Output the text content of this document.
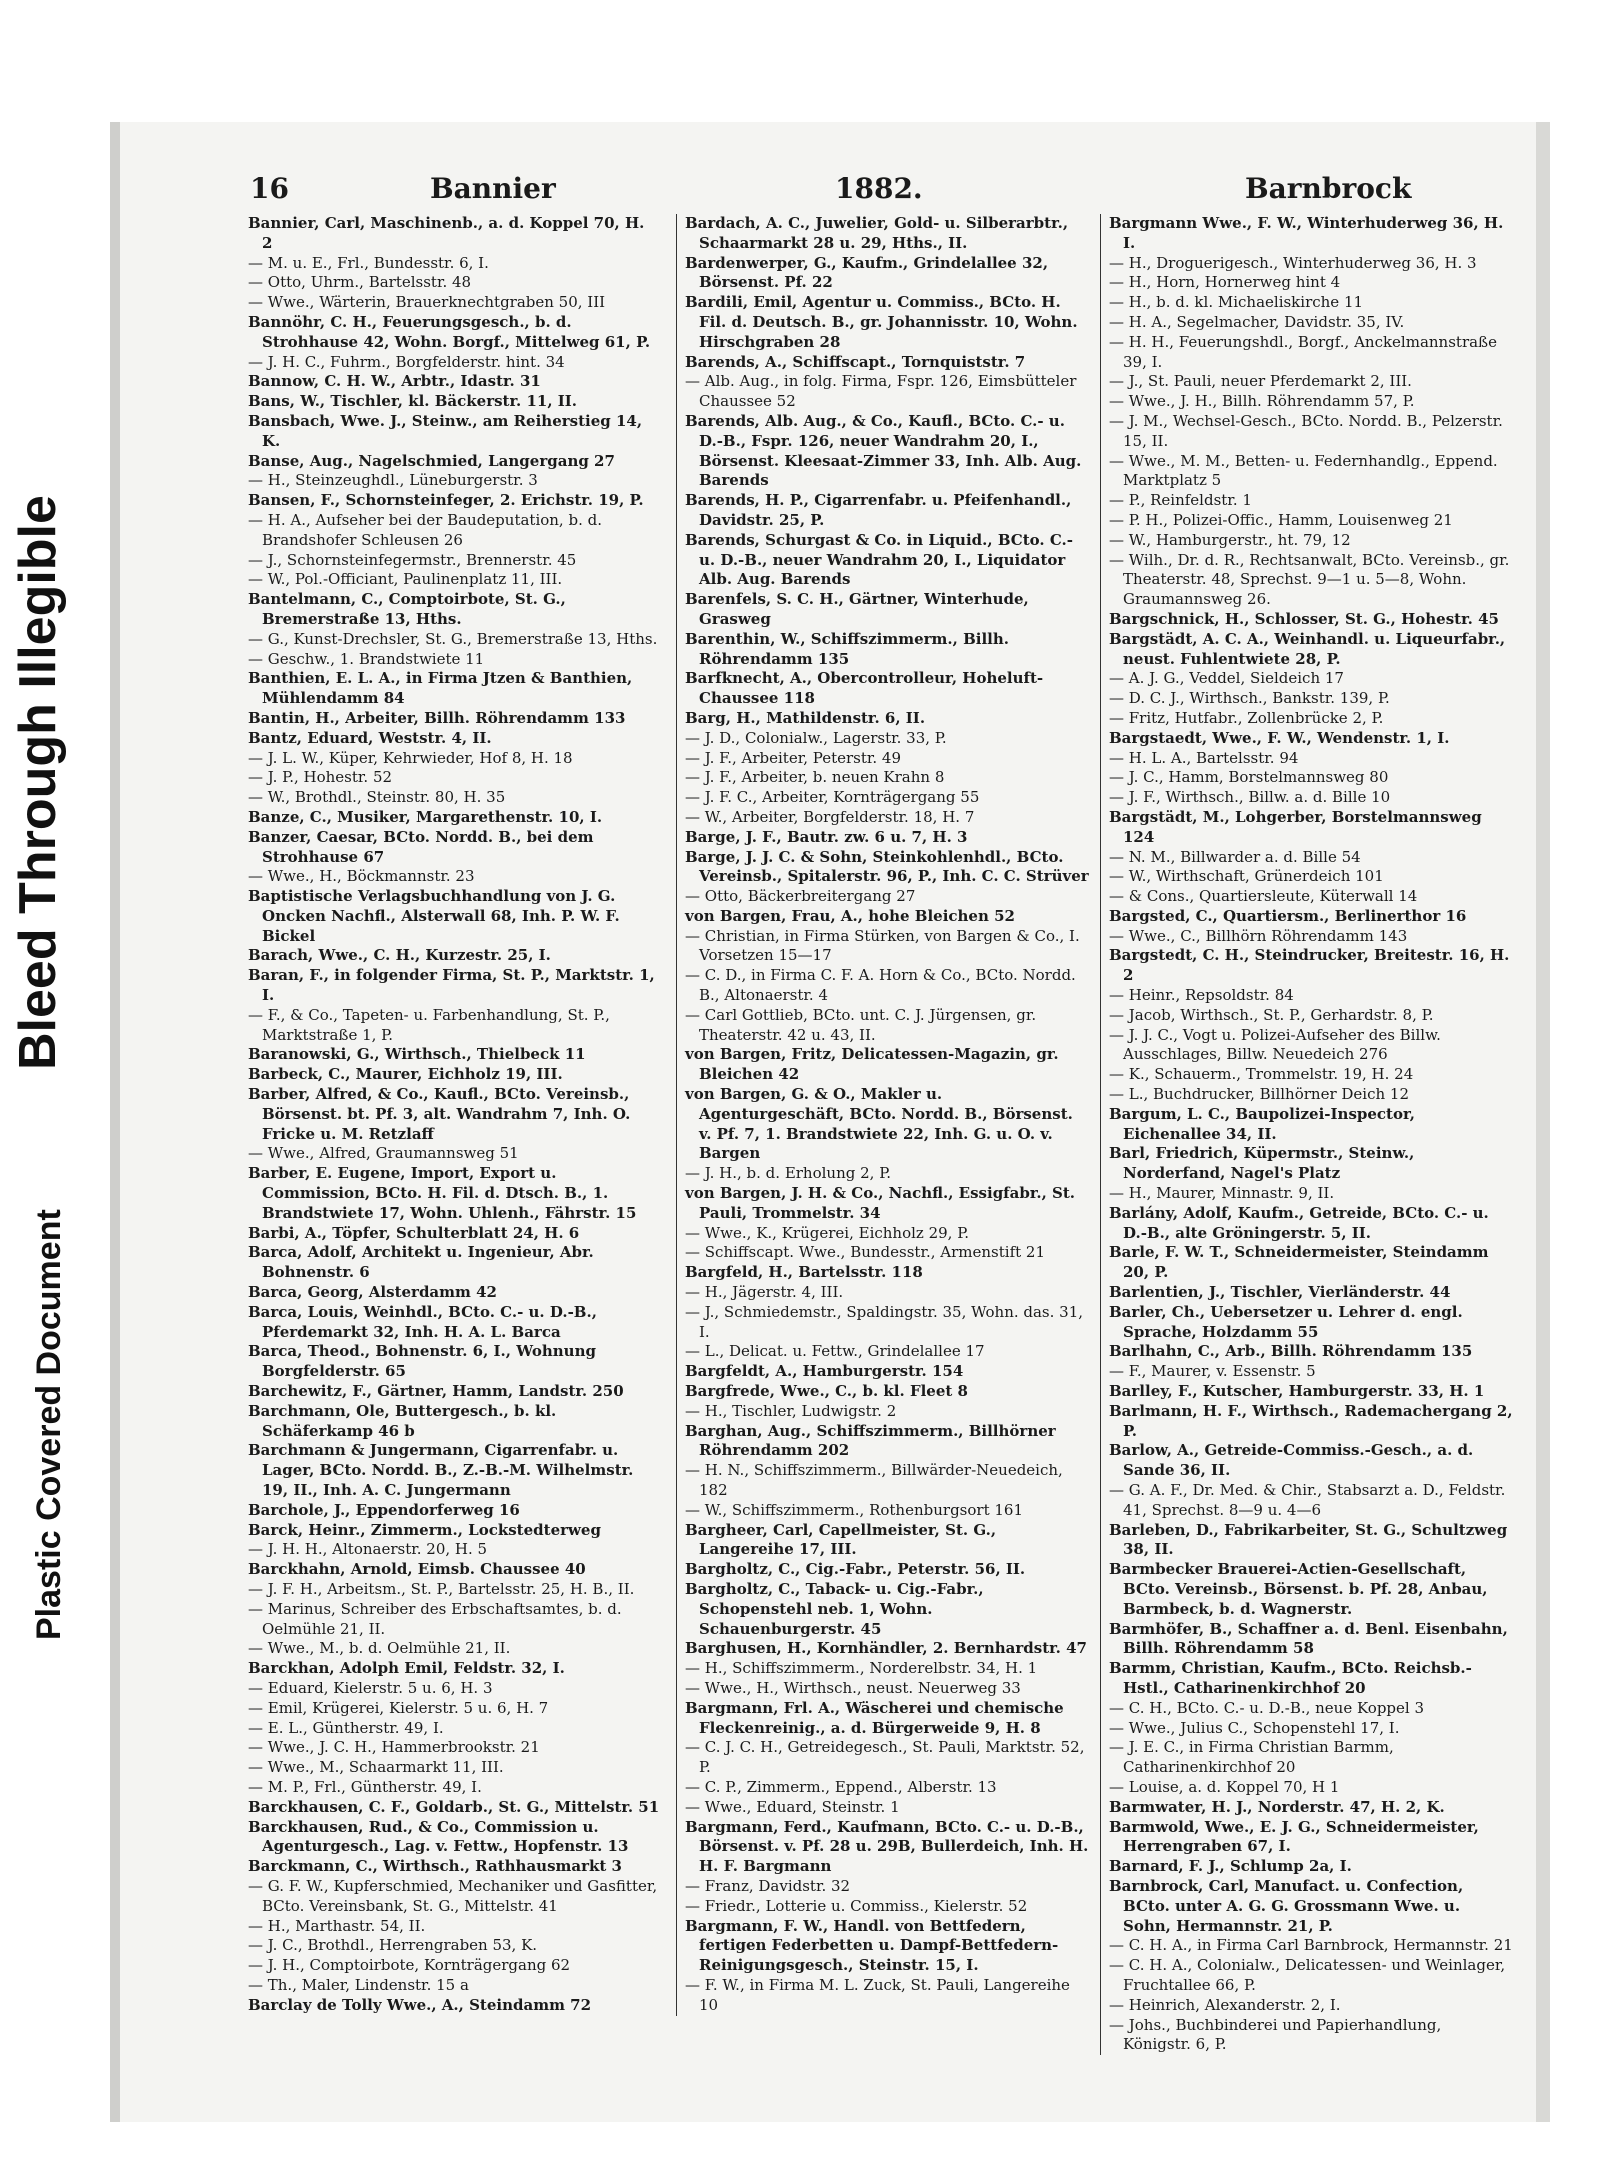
Bleed Through Illegible
Plastic Covered Document
16	Bannier	1882.	Barnbrock

Bannier, Carl, Maschinenb., a. d. Koppel 70, H. 2

— M. u. E., Frl., Bundesstr. 6, I.

— Otto, Uhrm., Bartelsstr. 48

— Wwe., Wärterin, Brauerknechtgraben 50, III

Bannöhr, C. H., Feuerungsgesch., b. d. Strohhause 42, Wohn. Borgf., Mittelweg 61, P.

— J. H. C., Fuhrm., Borgfelderstr. hint. 34

Bannow, C. H. W., Arbtr., Idastr. 31

Bans, W., Tischler, kl. Bäckerstr. 11, II.

Bansbach, Wwe. J., Steinw., am Reiherstieg 14, K.

Banse, Aug., Nagelschmied, Langergang 27

— H., Steinzeughdl., Lüneburgerstr. 3

Bansen, F., Schornsteinfeger, 2. Erichstr. 19, P.

— H. A., Aufseher bei der Baudeputation, b. d. Brandshofer Schleusen 26

— J., Schornsteinfegermstr., Brennerstr. 45

— W., Pol.-Officiant, Paulinenplatz 11, III.

Bantelmann, C., Comptoirbote, St. G., Bremerstraße 13, Hths.

— G., Kunst-Drechsler, St. G., Bremerstraße 13, Hths.

— Geschw., 1. Brandstwiete 11

Banthien, E. L. A., in Firma Jtzen & Banthien, Mühlendamm 84

Bantin, H., Arbeiter, Billh. Röhrendamm 133

Bantz, Eduard, Weststr. 4, II.

— J. L. W., Küper, Kehrwieder, Hof 8, H. 18

— J. P., Hohestr. 52

— W., Brothdl., Steinstr. 80, H. 35

Banze, C., Musiker, Margarethenstr. 10, I.

Banzer, Caesar, BCto. Nordd. B., bei dem Strohhause 67

— Wwe., H., Böckmannstr. 23

Baptistische Verlagsbuchhandlung von J. G. Oncken Nachfl., Alsterwall 68, Inh. P. W. F. Bickel

Barach, Wwe., C. H., Kurzestr. 25, I.

Baran, F., in folgender Firma, St. P., Marktstr. 1, I.

— F., & Co., Tapeten- u. Farbenhandlung, St. P., Marktstraße 1, P.

Baranowski, G., Wirthsch., Thielbeck 11

Barbeck, C., Maurer, Eichholz 19, III.

Barber, Alfred, & Co., Kaufl., BCto. Vereinsb., Börsenst. bt. Pf. 3, alt. Wandrahm 7, Inh. O. Fricke u. M. Retzlaff

— Wwe., Alfred, Graumannsweg 51

Barber, E. Eugene, Import, Export u. Commission, BCto. H. Fil. d. Dtsch. B., 1. Brandstwiete 17, Wohn. Uhlenh., Fährstr. 15

Barbi, A., Töpfer, Schulterblatt 24, H. 6

Barca, Adolf, Architekt u. Ingenieur, Abr. Bohnenstr. 6

Barca, Georg, Alsterdamm 42

Barca, Louis, Weinhdl., BCto. C.- u. D.-B., Pferdemarkt 32, Inh. H. A. L. Barca

Barca, Theod., Bohnenstr. 6, I., Wohnung Borgfelderstr. 65

Barchewitz, F., Gärtner, Hamm, Landstr. 250

Barchmann, Ole, Buttergesch., b. kl. Schäferkamp 46 b

Barchmann & Jungermann, Cigarrenfabr. u. Lager, BCto. Nordd. B., Z.-B.-M. Wilhelmstr. 19, II., Inh. A. C. Jungermann

Barchole, J., Eppendorferweg 16

Barck, Heinr., Zimmerm., Lockstedterweg

— J. H. H., Altonaerstr. 20, H. 5

Barckhahn, Arnold, Eimsb. Chaussee 40

— J. F. H., Arbeitsm., St. P., Bartelsstr. 25, H. B., II.

— Marinus, Schreiber des Erbschaftsamtes, b. d. Oelmühle 21, II.

— Wwe., M., b. d. Oelmühle 21, II.

Barckhan, Adolph Emil, Feldstr. 32, I.

— Eduard, Kielerstr. 5 u. 6, H. 3

— Emil, Krügerei, Kielerstr. 5 u. 6, H. 7

— E. L., Güntherstr. 49, I.

— Wwe., J. C. H., Hammerbrookstr. 21

— Wwe., M., Schaarmarkt 11, III.

— M. P., Frl., Güntherstr. 49, I.

Barckhausen, C. F., Goldarb., St. G., Mittelstr. 51

Barckhausen, Rud., & Co., Commission u. Agenturgesch., Lag. v. Fettw., Hopfenstr. 13

Barckmann, C., Wirthsch., Rathhausmarkt 3

— G. F. W., Kupferschmied, Mechaniker und Gasfitter, BCto. Vereinsbank, St. G., Mittelstr. 41

— H., Marthastr. 54, II.

— J. C., Brothdl., Herrengraben 53, K.

— J. H., Comptoirbote, Kornträgergang 62

— Th., Maler, Lindenstr. 15 a

Barclay de Tolly Wwe., A., Steindamm 72

Bardach, A. C., Juwelier, Gold- u. Silberarbtr., Schaarmarkt 28 u. 29, Hths., II.

Bardenwerper, G., Kaufm., Grindelallee 32, Börsenst. Pf. 22

Bardili, Emil, Agentur u. Commiss., BCto. H. Fil. d. Deutsch. B., gr. Johannisstr. 10, Wohn. Hirschgraben 28

Barends, A., Schiffscapt., Tornquiststr. 7

— Alb. Aug., in folg. Firma, Fspr. 126, Eimsbütteler Chaussee 52

Barends, Alb. Aug., & Co., Kaufl., BCto. C.- u. D.-B., Fspr. 126, neuer Wandrahm 20, I., Börsenst. Kleesaat-Zimmer 33, Inh. Alb. Aug. Barends

Barends, H. P., Cigarrenfabr. u. Pfeifenhandl., Davidstr. 25, P.

Barends, Schurgast & Co. in Liquid., BCto. C.- u. D.-B., neuer Wandrahm 20, I., Liquidator Alb. Aug. Barends

Barenfels, S. C. H., Gärtner, Winterhude, Grasweg

Barenthin, W., Schiffszimmerm., Billh. Röhrendamm 135

Barfknecht, A., Obercontrolleur, Hoheluft-Chaussee 118

Barg, H., Mathildenstr. 6, II.

— J. D., Colonialw., Lagerstr. 33, P.

— J. F., Arbeiter, Peterstr. 49

— J. F., Arbeiter, b. neuen Krahn 8

— J. F. C., Arbeiter, Kornträgergang 55

— W., Arbeiter, Borgfelderstr. 18, H. 7

Barge, J. F., Bautr. zw. 6 u. 7, H. 3

Barge, J. J. C. & Sohn, Steinkohlenhdl., BCto. Vereinsb., Spitalerstr. 96, P., Inh. C. C. Strüver

— Otto, Bäckerbreitergang 27

von Bargen, Frau, A., hohe Bleichen 52

— Christian, in Firma Stürken, von Bargen & Co., I. Vorsetzen 15—17

— C. D., in Firma C. F. A. Horn & Co., BCto. Nordd. B., Altonaerstr. 4

— Carl Gottlieb, BCto. unt. C. J. Jürgensen, gr. Theaterstr. 42 u. 43, II.

von Bargen, Fritz, Delicatessen-Magazin, gr. Bleichen 42

von Bargen, G. & O., Makler u. Agenturgeschäft, BCto. Nordd. B., Börsenst. v. Pf. 7, 1. Brandstwiete 22, Inh. G. u. O. v. Bargen

— J. H., b. d. Erholung 2, P.

von Bargen, J. H. & Co., Nachfl., Essigfabr., St. Pauli, Trommelstr. 34

— Wwe., K., Krügerei, Eichholz 29, P.

— Schiffscapt. Wwe., Bundesstr., Armenstift 21

Bargfeld, H., Bartelsstr. 118

— H., Jägerstr. 4, III.

— J., Schmiedemstr., Spaldingstr. 35, Wohn. das. 31, I.

— L., Delicat. u. Fettw., Grindelallee 17

Bargfeldt, A., Hamburgerstr. 154

Bargfrede, Wwe., C., b. kl. Fleet 8

— H., Tischler, Ludwigstr. 2

Barghan, Aug., Schiffszimmerm., Billhörner Röhrendamm 202

— H. N., Schiffszimmerm., Billwärder-Neuedeich, 182

— W., Schiffszimmerm., Rothenburgsort 161

Bargheer, Carl, Capellmeister, St. G., Langereihe 17, III.

Bargholtz, C., Cig.-Fabr., Peterstr. 56, II.

Bargholtz, C., Taback- u. Cig.-Fabr., Schopenstehl neb. 1, Wohn. Schauenburgerstr. 45

Barghusen, H., Kornhändler, 2. Bernhardstr. 47

— H., Schiffszimmerm., Norderelbstr. 34, H. 1

— Wwe., H., Wirthsch., neust. Neuerweg 33

Bargmann, Frl. A., Wäscherei und chemische Fleckenreinig., a. d. Bürgerweide 9, H. 8

— C. J. C. H., Getreidegesch., St. Pauli, Marktstr. 52, P.

— C. P., Zimmerm., Eppend., Alberstr. 13

— Wwe., Eduard, Steinstr. 1

Bargmann, Ferd., Kaufmann, BCto. C.- u. D.-B., Börsenst. v. Pf. 28 u. 29B, Bullerdeich, Inh. H. H. F. Bargmann

— Franz, Davidstr. 32

— Friedr., Lotterie u. Commiss., Kielerstr. 52

Bargmann, F. W., Handl. von Bettfedern, fertigen Federbetten u. Dampf-Bettfedern-Reinigungsgesch., Steinstr. 15, I.

— F. W., in Firma M. L. Zuck, St. Pauli, Langereihe 10

Bargmann Wwe., F. W., Winterhuderweg 36, H. I.

— H., Droguerigesch., Winterhuderweg 36, H. 3

— H., Horn, Hornerweg hint 4

— H., b. d. kl. Michaeliskirche 11

— H. A., Segelmacher, Davidstr. 35, IV.

— H. H., Feuerungshdl., Borgf., Anckelmannstraße 39, I.

— J., St. Pauli, neuer Pferdemarkt 2, III.

— Wwe., J. H., Billh. Röhrendamm 57, P.

— J. M., Wechsel-Gesch., BCto. Nordd. B., Pelzerstr. 15, II.

— Wwe., M. M., Betten- u. Federnhandlg., Eppend. Marktplatz 5

— P., Reinfeldstr. 1

— P. H., Polizei-Offic., Hamm, Louisenweg 21

— W., Hamburgerstr., ht. 79, 12

— Wilh., Dr. d. R., Rechtsanwalt, BCto. Vereinsb., gr. Theaterstr. 48, Sprechst. 9—1 u. 5—8, Wohn. Graumannsweg 26.

Bargschnick, H., Schlosser, St. G., Hohestr. 45

Bargstädt, A. C. A., Weinhandl. u. Liqueurfabr., neust. Fuhlentwiete 28, P.

— A. J. G., Veddel, Sieldeich 17

— D. C. J., Wirthsch., Bankstr. 139, P.

— Fritz, Hutfabr., Zollenbrücke 2, P.

Bargstaedt, Wwe., F. W., Wendenstr. 1, I.

— H. L. A., Bartelsstr. 94

— J. C., Hamm, Borstelmannsweg 80

— J. F., Wirthsch., Billw. a. d. Bille 10

Bargstädt, M., Lohgerber, Borstelmannsweg 124

— N. M., Billwarder a. d. Bille 54

— W., Wirthschaft, Grünerdeich 101

— & Cons., Quartiersleute, Küterwall 14

Bargsted, C., Quartiersm., Berlinerthor 16

— Wwe., C., Billhörn Röhrendamm 143

Bargstedt, C. H., Steindrucker, Breitestr. 16, H. 2

— Heinr., Repsoldstr. 84

— Jacob, Wirthsch., St. P., Gerhardstr. 8, P.

— J. J. C., Vogt u. Polizei-Aufseher des Billw. Ausschlages, Billw. Neuedeich 276

— K., Schauerm., Trommelstr. 19, H. 24

— L., Buchdrucker, Billhörner Deich 12

Bargum, L. C., Baupolizei-Inspector, Eichenallee 34, II.

Barl, Friedrich, Küpermstr., Steinw., Norderfand, Nagel's Platz

— H., Maurer, Minnastr. 9, II.

Barlány, Adolf, Kaufm., Getreide, BCto. C.- u. D.-B., alte Gröningerstr. 5, II.

Barle, F. W. T., Schneidermeister, Steindamm 20, P.

Barlentien, J., Tischler, Vierländerstr. 44

Barler, Ch., Uebersetzer u. Lehrer d. engl. Sprache, Holzdamm 55

Barlhahn, C., Arb., Billh. Röhrendamm 135

— F., Maurer, v. Essenstr. 5

Barlley, F., Kutscher, Hamburgerstr. 33, H. 1

Barlmann, H. F., Wirthsch., Rademachergang 2, P.

Barlow, A., Getreide-Commiss.-Gesch., a. d. Sande 36, II.

— G. A. F., Dr. Med. & Chir., Stabsarzt a. D., Feldstr. 41, Sprechst. 8—9 u. 4—6

Barleben, D., Fabrikarbeiter, St. G., Schultzweg 38, II.

Barmbecker Brauerei-Actien-Gesellschaft, BCto. Vereinsb., Börsenst. b. Pf. 28, Anbau, Barmbeck, b. d. Wagnerstr.

Barmhöfer, B., Schaffner a. d. Benl. Eisenbahn, Billh. Röhrendamm 58

Barmm, Christian, Kaufm., BCto. Reichsb.-Hstl., Catharinenkirchhof 20

— C. H., BCto. C.- u. D.-B., neue Koppel 3

— Wwe., Julius C., Schopenstehl 17, I.

— J. E. C., in Firma Christian Barmm, Catharinenkirchhof 20

— Louise, a. d. Koppel 70, H 1

Barmwater, H. J., Norderstr. 47, H. 2, K.

Barmwold, Wwe., E. J. G., Schneidermeister, Herrengraben 67, I.

Barnard, F. J., Schlump 2a, I.

Barnbrock, Carl, Manufact. u. Confection, BCto. unter A. G. G. Grossmann Wwe. u. Sohn, Hermannstr. 21, P.

— C. H. A., in Firma Carl Barnbrock, Hermannstr. 21

— C. H. A., Colonialw., Delicatessen- und Weinlager, Fruchtallee 66, P.

— Heinrich, Alexanderstr. 2, I.

— Johs., Buchbinderei und Papierhandlung, Königstr. 6, P.
